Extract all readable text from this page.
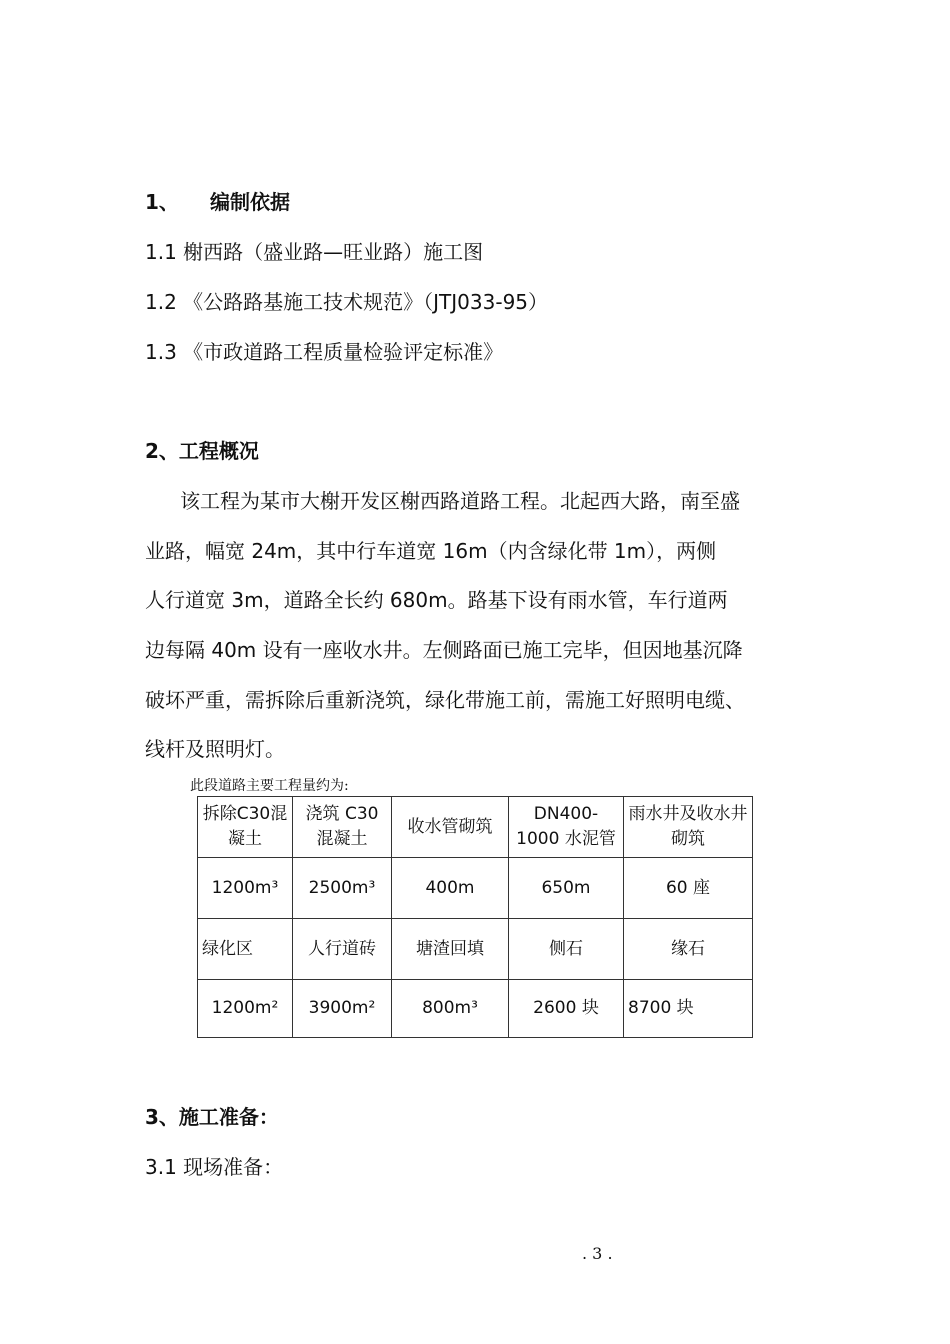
1、 编制依据
1.1 榭西路（盛业路—旺业路）施工图
1.2 《公路路基施工技术规范》（JTJ033-95）
1.3 《市政道路工程质量检验评定标准》
2、工程概况
该工程为某市大榭开发区榭西路道路工程。北起西大路，南至盛
业路，幅宽 24m，其中行车道宽 16m（内含绿化带 1m），两侧
人行道宽 3m，道路全长约 680m。路基下设有雨水管，车行道两
边每隔 40m 设有一座收水井。左侧路面已施工完毕，但因地基沉降
破坏严重，需拆除后重新浇筑，绿化带施工前，需施工好照明电缆、
线杆及照明灯。
此段道路主要工程量约为:
拆除C30混凝土	浇筑 C30 混凝土	收水管砌筑	DN400-1000 水泥管	雨水井及收水井砌筑

1200m³	2500m³	400m	650m	60 座
绿化区	人行道砖	塘渣回填	侧石	缘石
1200m²	3900m²	800m³	2600 块	8700 块
3、施工准备：
3.1 现场准备：
. 3 .
